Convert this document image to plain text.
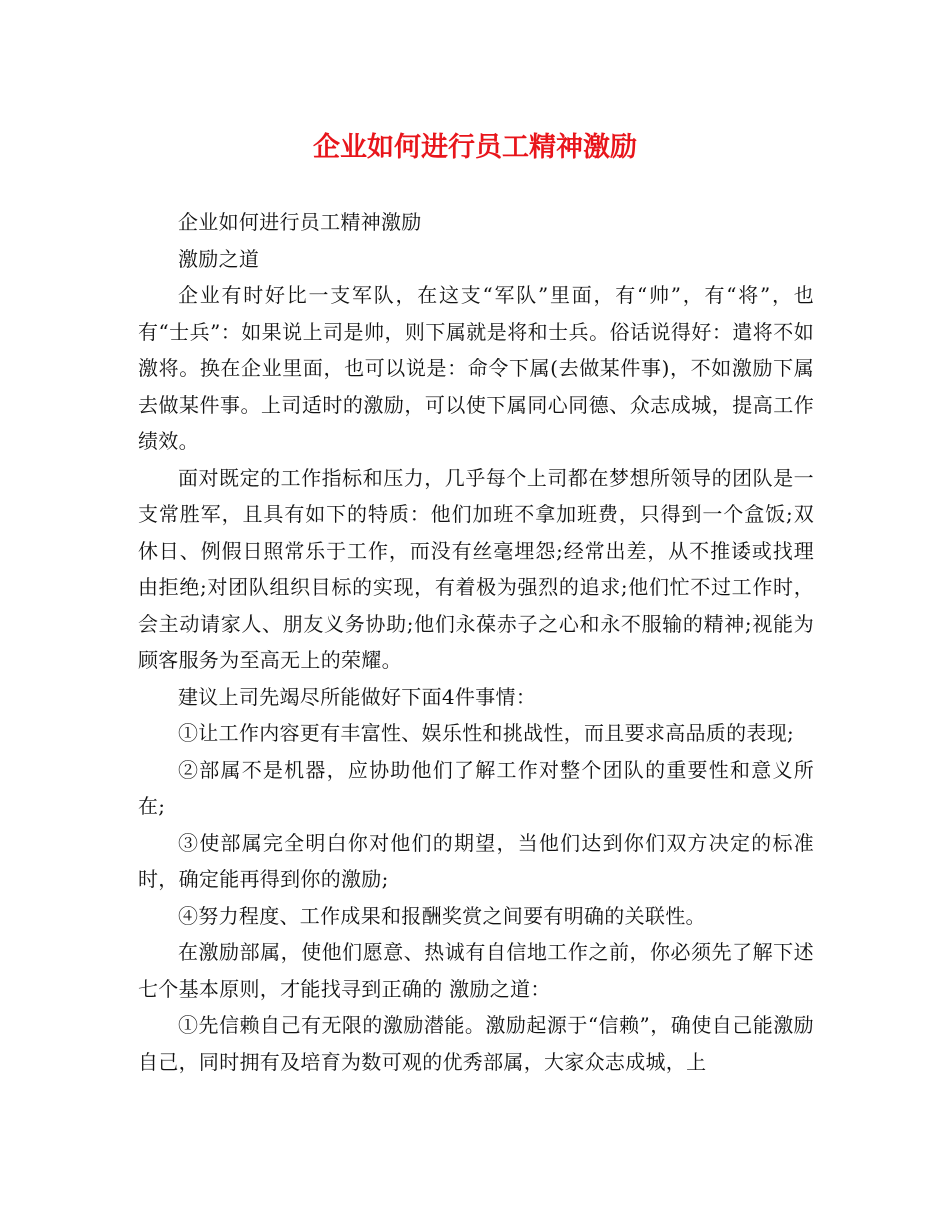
企业如何进行员工精神激励

企业如何进行员工精神激励

激励之道

企业有时好比一支军队，在这支“军队”里面，有“帅”，有“将”，也有“士兵”：如果说上司是帅，则下属就是将和士兵。俗话说得好：遣将不如激将。换在企业里面，也可以说是：命令下属(去做某件事)，不如激励下属去做某件事。上司适时的激励，可以使下属同心同德、众志成城，提高工作绩效。

面对既定的工作指标和压力，几乎每个上司都在梦想所领导的团队是一支常胜军，且具有如下的特质：他们加班不拿加班费，只得到一个盒饭;双休日、例假日照常乐于工作，而没有丝毫埋怨;经常出差，从不推诿或找理由拒绝;对团队组织目标的实现，有着极为强烈的追求;他们忙不过工作时，会主动请家人、朋友义务协助;他们永葆赤子之心和永不服输的精神;视能为顾客服务为至高无上的荣耀。

建议上司先竭尽所能做好下面4件事情：

①让工作内容更有丰富性、娱乐性和挑战性，而且要求高品质的表现;

②部属不是机器，应协助他们了解工作对整个团队的重要性和意义所在;

③使部属完全明白你对他们的期望，当他们达到你们双方决定的标准时，确定能再得到你的激励;

④努力程度、工作成果和报酬奖赏之间要有明确的关联性。

在激励部属，使他们愿意、热诚有自信地工作之前，你必须先了解下述七个基本原则，才能找寻到正确的 激励之道：

①先信赖自己有无限的激励潜能。激励起源于“信赖”，确使自己能激励自己，同时拥有及培育为数可观的优秀部属，大家众志成城，上
